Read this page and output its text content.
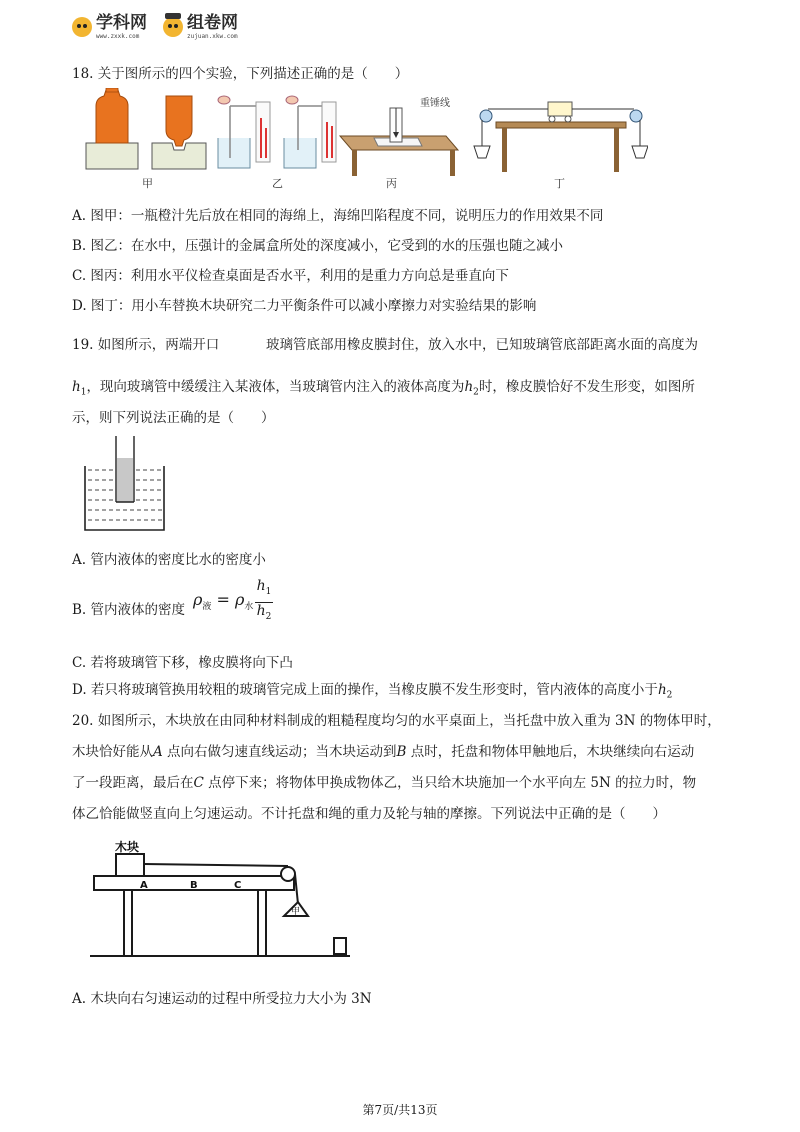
学科网
www.zxxk.com
组卷网
zujuan.xkw.com
18. 关于图所示的四个实验，下列描述正确的是（　　）
重锤线
甲	乙	丙	丁
A. 图甲：一瓶橙汁先后放在相同的海绵上，海绵凹陷程度不同，说明压力的作用效果不同
B. 图乙：在水中，压强计的金属盒所处的深度减小，它受到的水的压强也随之减小
C. 图丙：利用水平仪检查桌面是否水平，利用的是重力方向总是垂直向下
D. 图丁：用小车替换木块研究二力平衡条件可以减小摩擦力对实验结果的影响
19. 如图所示，两端开口	玻璃管底部用橡皮膜封住，放入水中，已知玻璃管底部距离水面的高度为
$h_1$，现向玻璃管中缓缓注入某液体，当玻璃管内注入的液体高度为$h_2$时，橡皮膜恰好不发生形变，如图所
示，则下列说法正确的是（　　）
A. 管内液体的密度比水的密度小
B. 管内液体的密度
$\rho_液 = \rho_水 \frac{h_1}{h_2}$
C. 若将玻璃管下移，橡皮膜将向下凸
D. 若只将玻璃管换用较粗的玻璃管完成上面的操作，当橡皮膜不发生形变时，管内液体的高度小于$h_2$
20. 如图所示，木块放在由同种材料制成的粗糙程度均匀的水平桌面上，当托盘中放入重为 3N 的物体甲时，
木块恰好能从A 点向右做匀速直线运动；当木块运动到B 点时，托盘和物体甲触地后，木块继续向右运动
了一段距离，最后在C 点停下来；将物体甲换成物体乙，当只给木块施加一个水平向左 5N 的拉力时，物
体乙恰能做竖直向上匀速运动。不计托盘和绳的重力及轮与轴的摩擦。下列说法中正确的是（　　）
木块
A	B	C
甲
A. 木块向右匀速运动的过程中所受拉力大小为 3N
第7页/共13页
